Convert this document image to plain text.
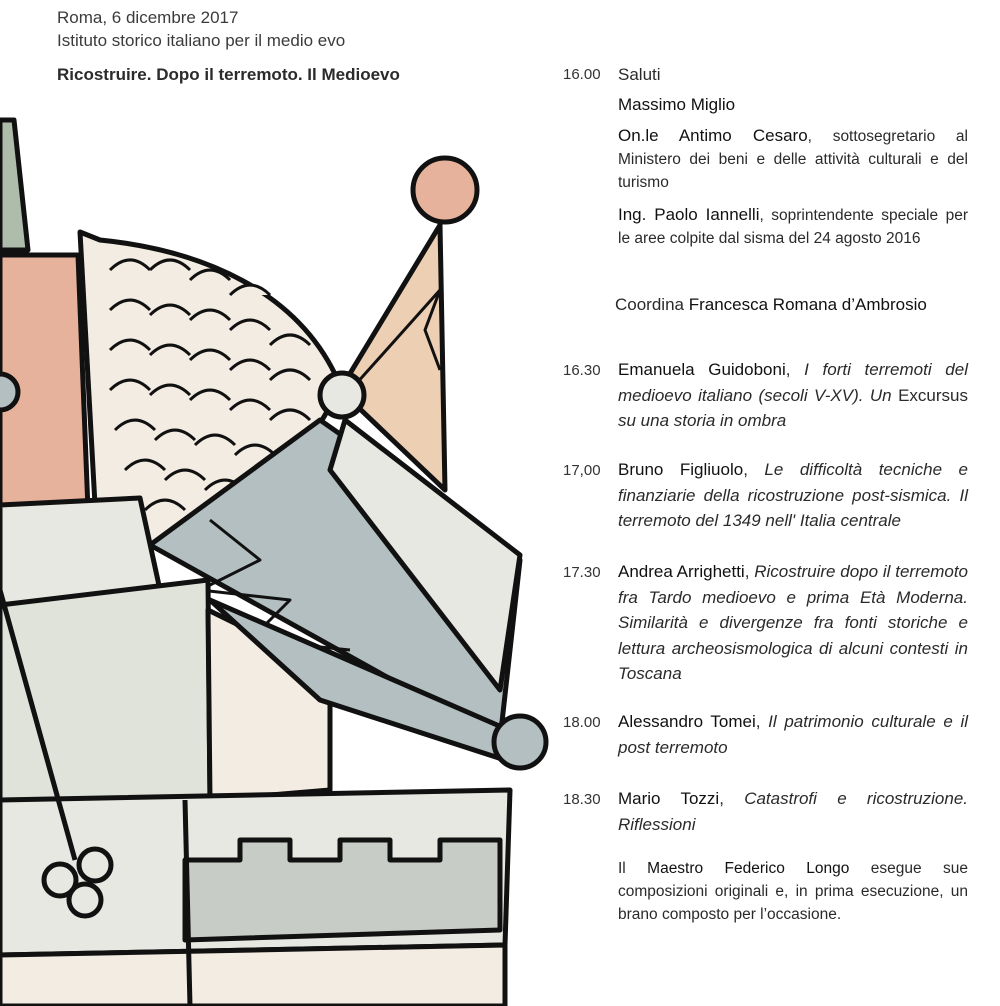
Roma, 6 dicembre 2017
Istituto storico italiano per il medio evo
Ricostruire. Dopo il terremoto. Il Medioevo	16.00	Saluti
Massimo Miglio
On.le Antimo Cesaro, sottosegretario al Ministero dei beni e delle attività culturali e del turismo
Ing. Paolo Iannelli, soprintendente speciale per le aree colpite dal sisma del 24 agosto 2016
Coordina Francesca Romana d’Ambrosio
16.30	Emanuela Guidoboni, I forti terremoti del medioevo italiano (secoli V-XV). Un Excursus su una storia in ombra
17,00	Bruno Figliuolo, Le difficoltà tecniche e finanziarie della ricostruzione post-sismica. Il terremoto del 1349 nell' Italia centrale
17.30	Andrea Arrighetti, Ricostruire dopo il terremoto fra Tardo medioevo e prima Età Moderna. Similarità e divergenze fra fonti storiche e lettura archeosismologica di alcuni contesti in Toscana
18.00	Alessandro Tomei, Il patrimonio culturale e il post terremoto
18.30	Mario Tozzi, Catastrofi e ricostruzione. Riflessioni
Il Maestro Federico Longo esegue sue composizioni originali e, in prima esecuzione, un brano composto per l’occasione.
